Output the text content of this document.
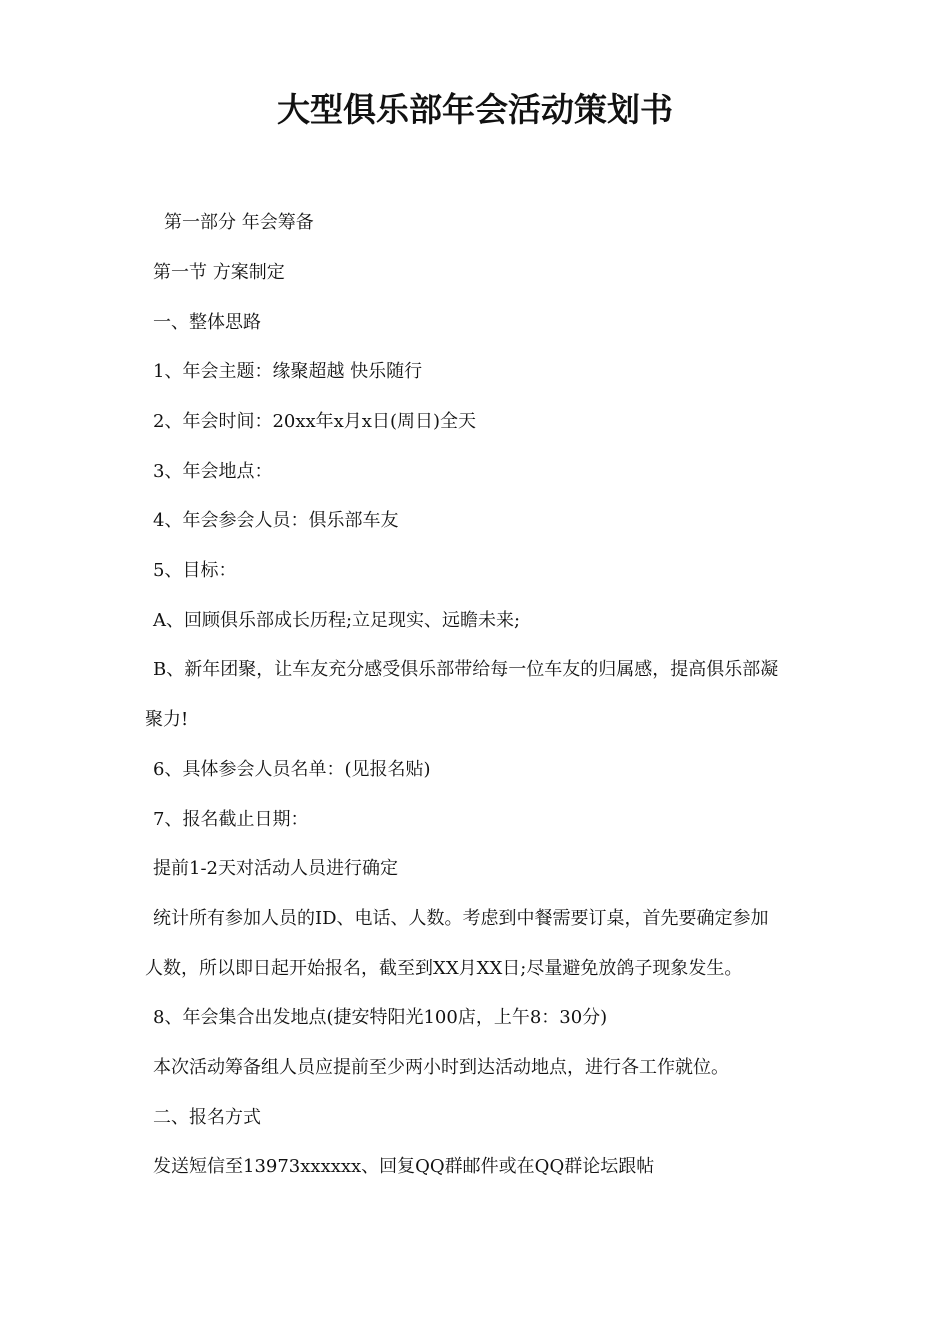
大型俱乐部年会活动策划书

第一部分 年会筹备

第一节 方案制定

一、整体思路

1、年会主题：缘聚超越 快乐随行

2、年会时间：20xx年x月x日(周日)全天

3、年会地点：

4、年会参会人员：俱乐部车友

5、目标：

A、回顾俱乐部成长历程;立足现实、远瞻未来;

B、新年团聚，让车友充分感受俱乐部带给每一位车友的归属感，提高俱乐部凝

聚力!

6、具体参会人员名单：(见报名贴)

7、报名截止日期：

提前1-2天对活动人员进行确定

统计所有参加人员的ID、电话、人数。考虑到中餐需要订桌，首先要确定参加

人数，所以即日起开始报名，截至到XX月XX日;尽量避免放鸽子现象发生。

8、年会集合出发地点(捷安特阳光100店，上午8：30分)

本次活动筹备组人员应提前至少两小时到达活动地点，进行各工作就位。

二、报名方式

发送短信至13973xxxxxx、回复QQ群邮件或在QQ群论坛跟帖
